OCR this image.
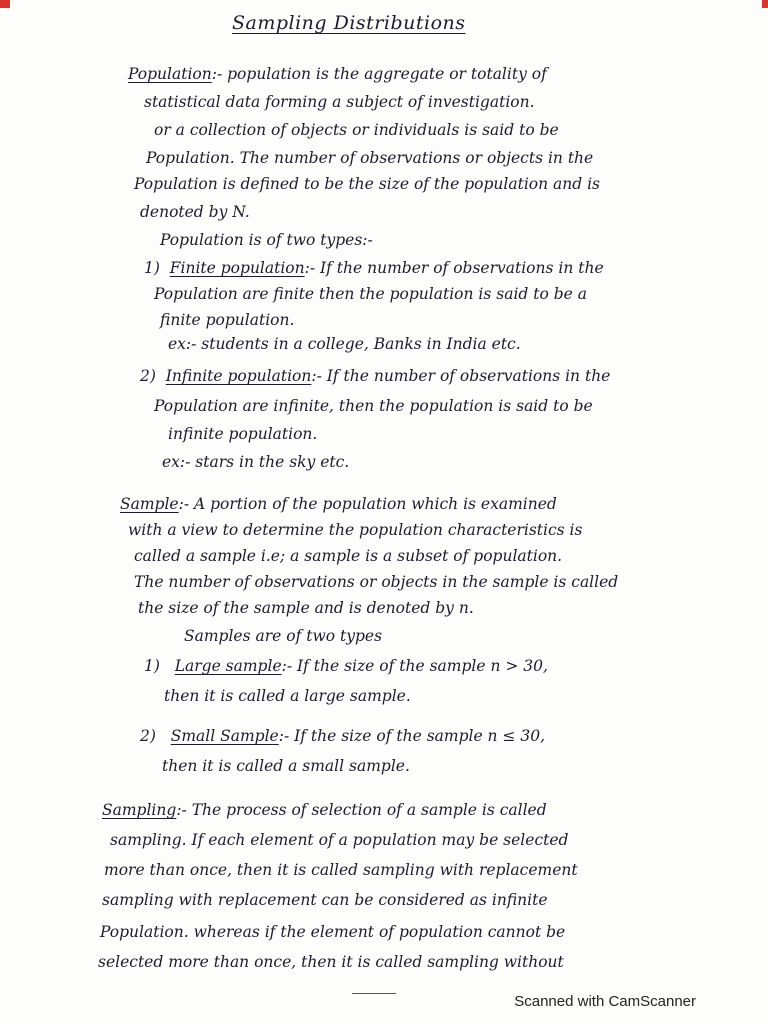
Sampling Distributions
Population:- population is the aggregate or totality of
statistical data forming a subject of investigation.
or a collection of objects or individuals is said to be
Population. The number of observations or objects in the
Population is defined to be the size of the population and is
denoted by N.
Population is of two types:-
1) Finite population:- If the number of observations in the
Population are finite then the population is said to be a
finite population.
ex:- students in a college, Banks in India etc.
2) Infinite population:- If the number of observations in the
Population are infinite, then the population is said to be
infinite population.
ex:- stars in the sky etc.
Sample:- A portion of the population which is examined
with a view to determine the population characteristics is
called a sample i.e; a sample is a subset of population.
The number of observations or objects in the sample is called
the size of the sample and is denoted by n.
Samples are of two types
1) Large sample:- If the size of the sample n > 30,
then it is called a large sample.
2) Small Sample:- If the size of the sample n ≤ 30,
then it is called a small sample.
Sampling:- The process of selection of a sample is called
sampling. If each element of a population may be selected
more than once, then it is called sampling with replacement
sampling with replacement can be considered as infinite
Population. whereas if the element of population cannot be
selected more than once, then it is called sampling without
Scanned with CamScanner
